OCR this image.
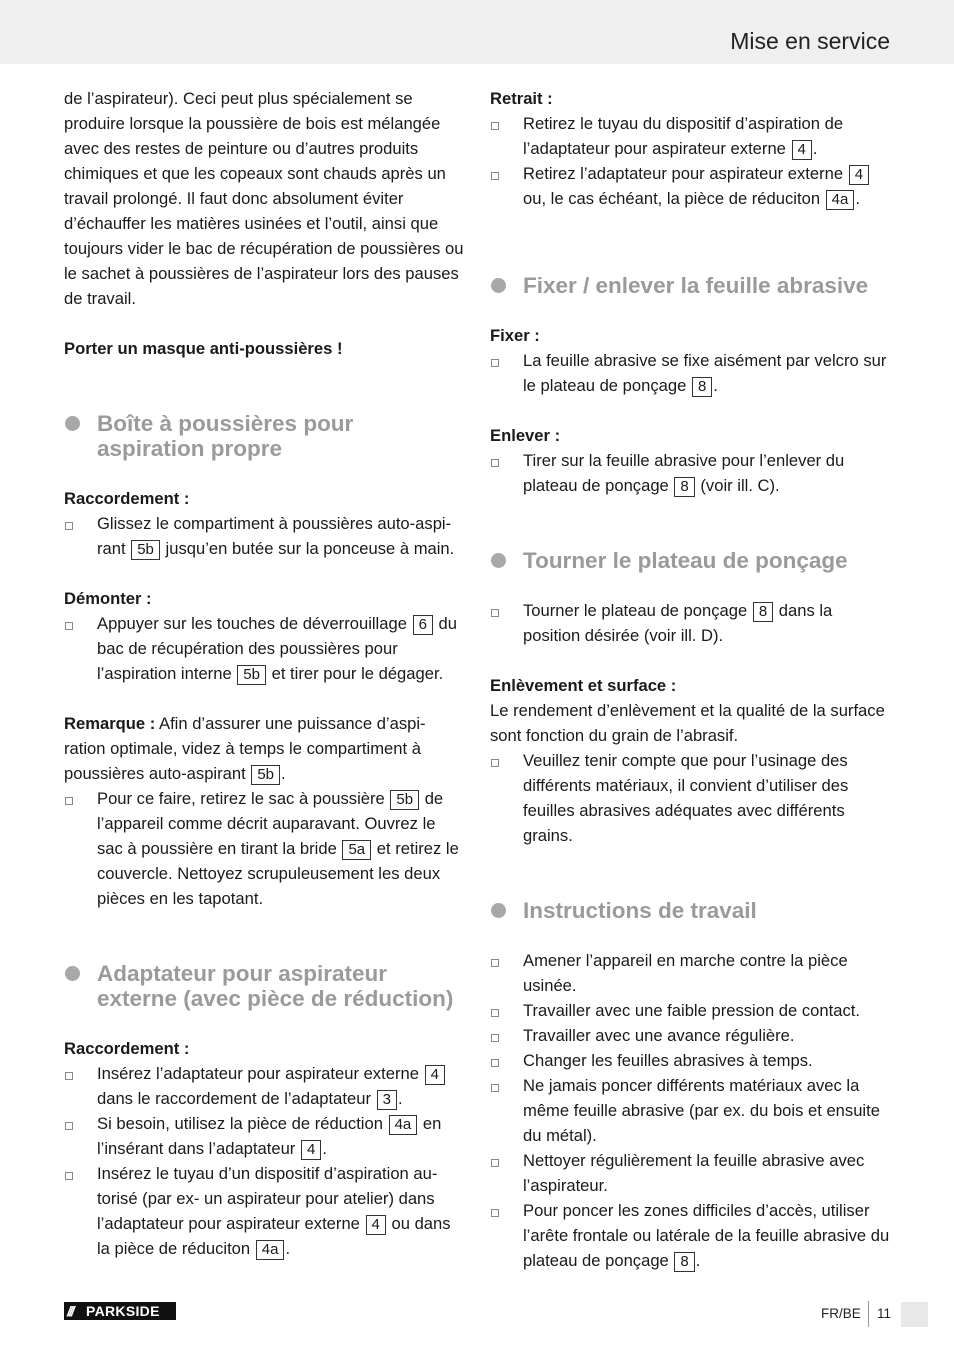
Mise en service

de l’aspirateur). Ceci peut plus spécialement se produire lorsque la poussière de bois est mélangée avec des restes de peinture ou d’autres produits chimiques et que les copeaux sont chauds après un travail prolongé. Il faut donc absolument éviter d’échauffer les matières usinées et l’outil, ainsi que toujours vider le bac de récupération de poussières ou le sachet à poussières de l’aspirateur lors des pauses de travail.

Porter un masque anti-poussières !

Boîte à poussières pour aspiration propre

Raccordement :

Glissez le compartiment à poussières auto-aspi-rant 5b jusqu’en butée sur la ponceuse à main.

Démonter :

Appuyer sur les touches de déverrouillage 6 du bac de récupération des poussières pour l’aspiration interne 5b et tirer pour le dégager.

Remarque : Afin d’assurer une puissance d’aspi-ration optimale, videz à temps le compartiment à poussières auto-aspirant 5b .

Pour ce faire, retirez le sac à poussière 5b de l’appareil comme décrit auparavant. Ouvrez le sac à poussière en tirant la bride 5a et retirez le couvercle. Nettoyez scrupuleusement les deux pièces en les tapotant.
Adaptateur pour aspirateur externe (avec pièce de réduction)

Raccordement :

Insérez l’adaptateur pour aspirateur externe 4 dans le raccordement de l’adaptateur 3 .
Si besoin, utilisez la pièce de réduction 4a en l’insérant dans l’adaptateur 4 .
Insérez le tuyau d’un dispositif d’aspiration au-torisé (par ex- un aspirateur pour atelier) dans l’adaptateur pour aspirateur externe 4 ou dans la pièce de réduciton 4a .

Retrait :

Retirez le tuyau du dispositif d’aspiration de l’adaptateur pour aspirateur externe 4 .
Retirez l’adaptateur pour aspirateur externe 4 ou, le cas échéant, la pièce de réduciton 4a .
Fixer / enlever la feuille abrasive

Fixer :

La feuille abrasive se fixe aisément par velcro sur le plateau de ponçage 8 .

Enlever :

Tirer sur la feuille abrasive pour l’enlever du plateau de ponçage 8 (voir ill. C).
Tourner le plateau de ponçage
Tourner le plateau de ponçage 8 dans la position désirée (voir ill. D).

Enlèvement et surface :

Le rendement d’enlèvement et la qualité de la surface sont fonction du grain de l’abrasif.

Veuillez tenir compte que pour l’usinage des différents matériaux, il convient d’utiliser des feuilles abrasives adéquates avec différents grains.
Instructions de travail
Amener l’appareil en marche contre la pièce usinée.
Travailler avec une faible pression de contact.
Travailler avec une avance régulière.
Changer les feuilles abrasives à temps.
Ne jamais poncer différents matériaux avec la même feuille abrasive (par ex. du bois et ensuite du métal).
Nettoyer régulièrement la feuille abrasive avec l’aspirateur.
Pour poncer les zones difficiles d’accès, utiliser l’arête frontale ou latérale de la feuille abrasive du plateau de ponçage 8 .
/// PARKSIDE	FR/BE 11
